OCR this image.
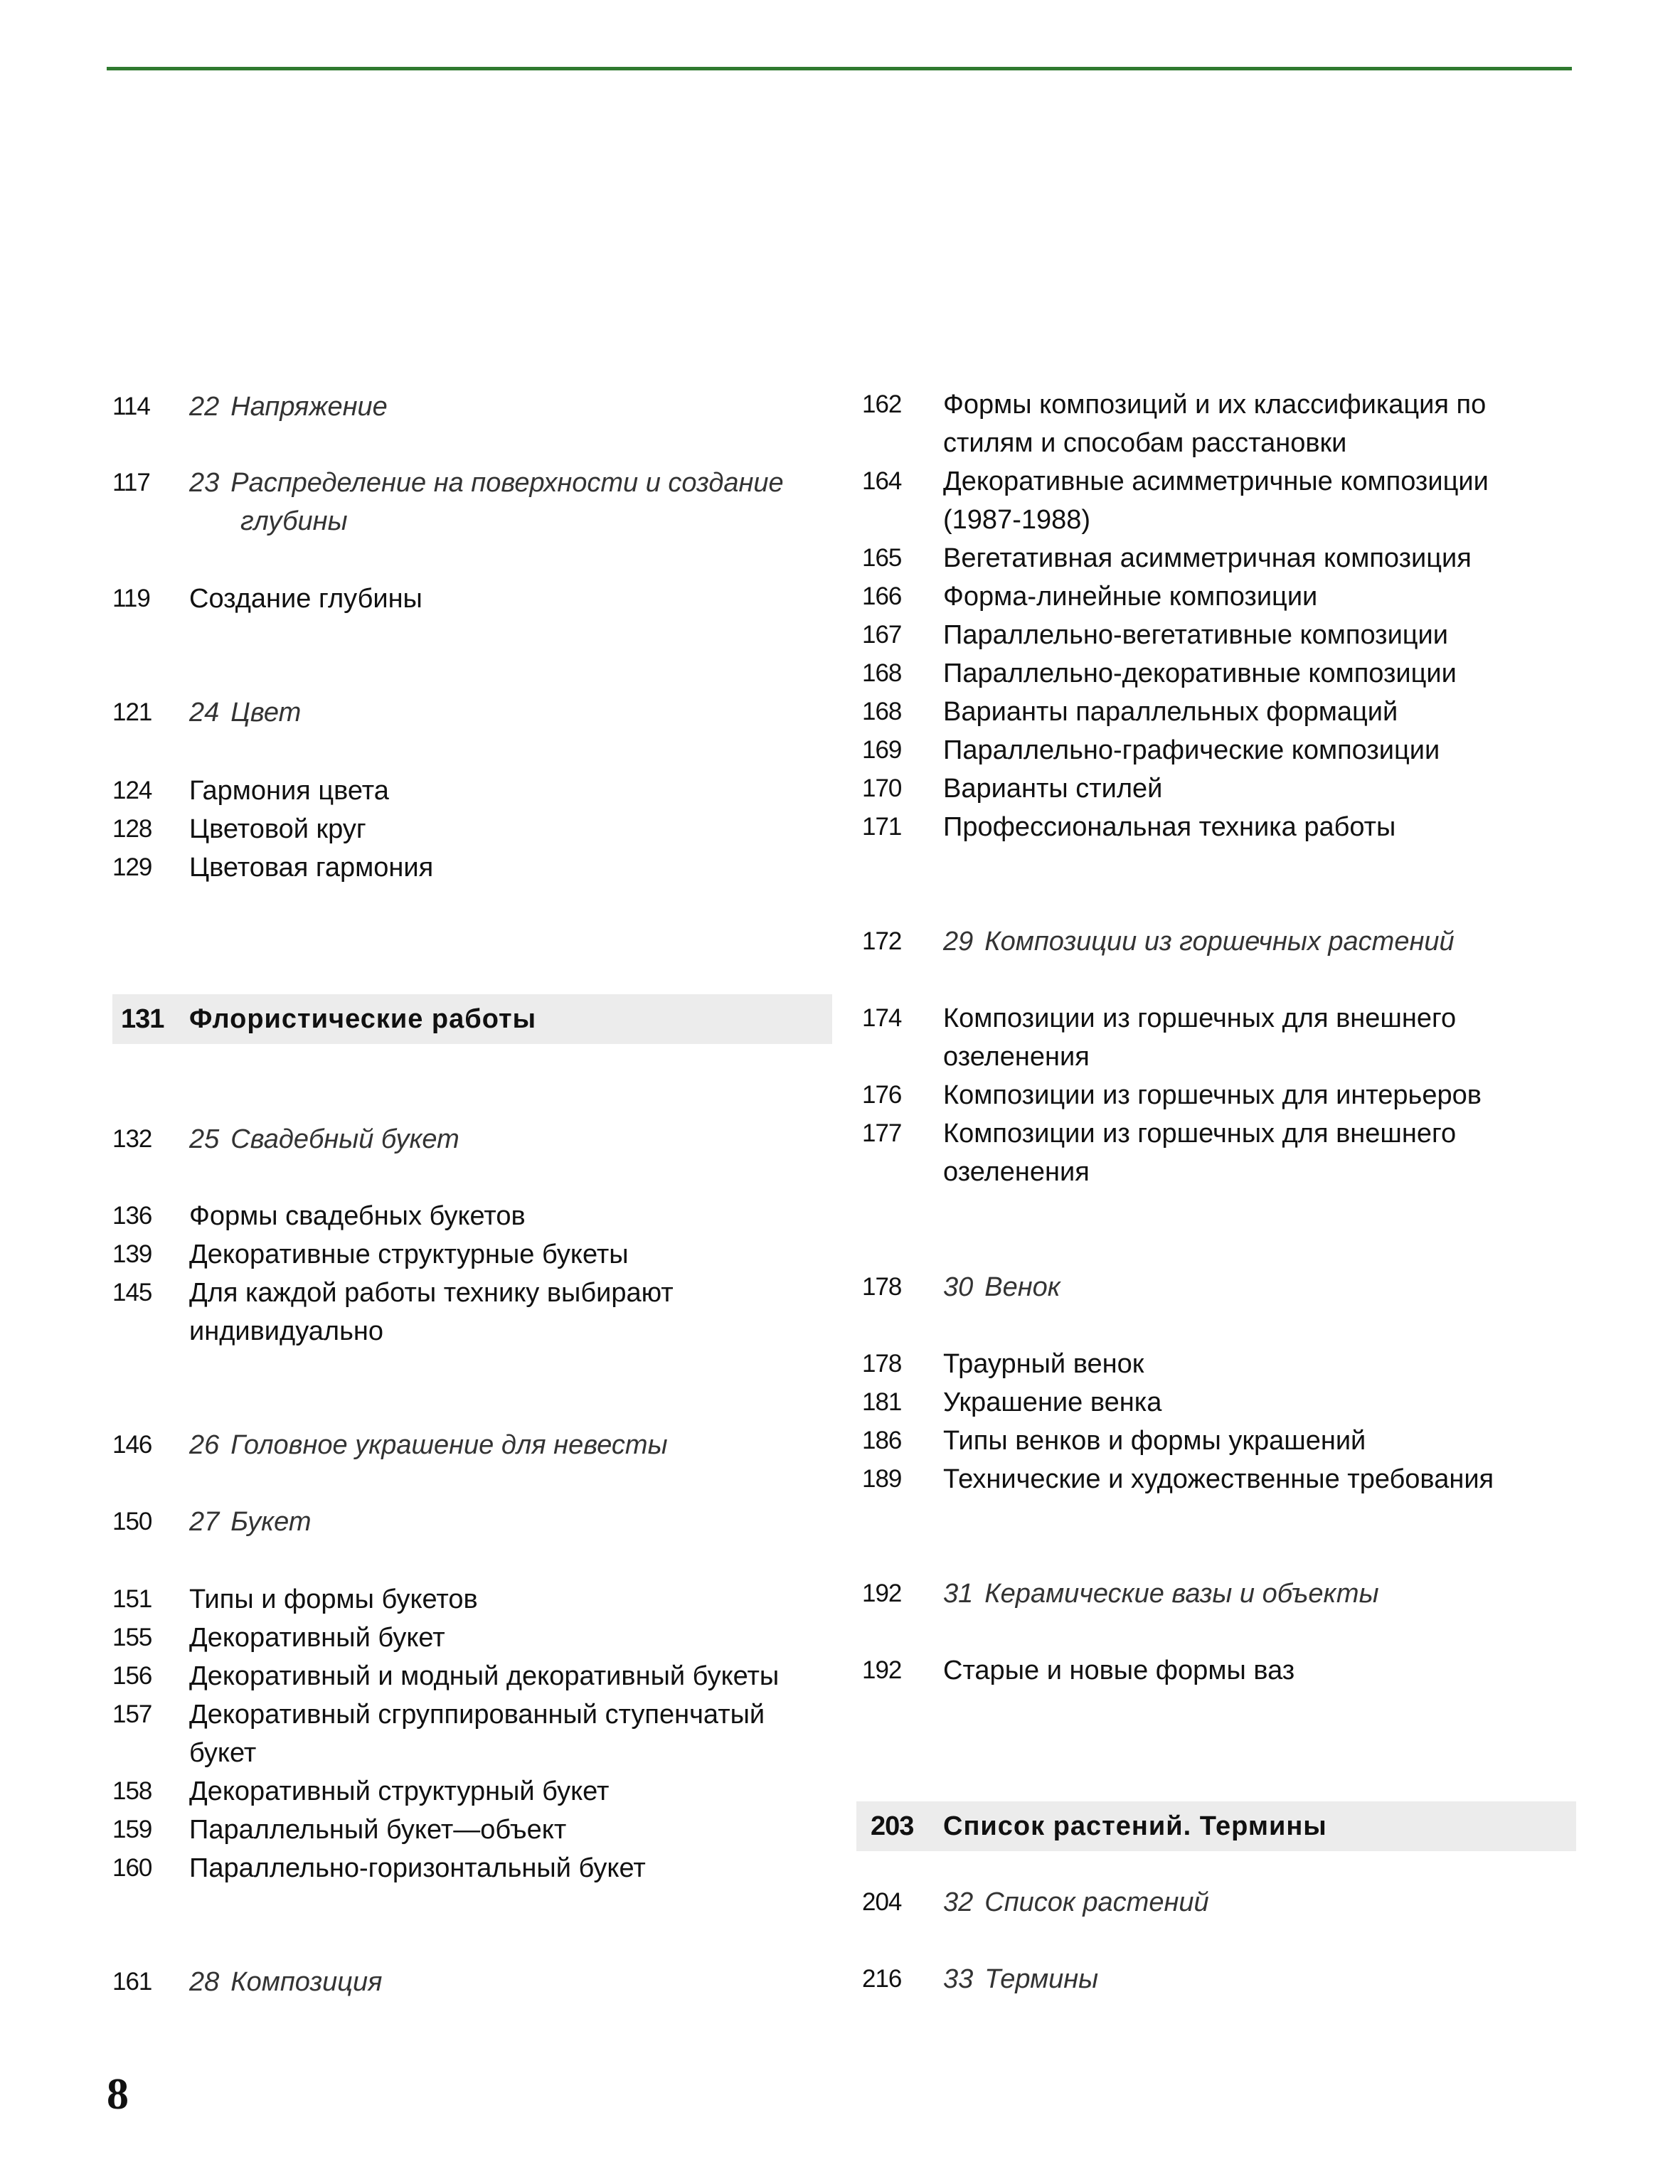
114 22 Напряжение
117 23 Распределение на поверхности и создание
глубины
119 Создание глубины
121 24 Цвет
124 Гармония цвета
128 Цветовой круг
129 Цветовая гармония
131 Флористические работы
132 25 Свадебный букет
136 Формы свадебных букетов
139 Декоративные структурные букеты
145 Для каждой работы технику выбирают
индивидуально
146 26 Головное украшение для невесты
150 27 Букет
151 Типы и формы букетов
155 Декоративный букет
156 Декоративный и модный декоративный букеты
157 Декоративный сгруппированный ступенчатый
букет
158 Декоративный структурный букет
159 Параллельный букет—объект
160 Параллельно-горизонтальный букет
161 28 Композиция
162 Формы композиций и их классификация по
стилям и способам расстановки
164 Декоративные асимметричные композиции
(1987-1988)
165 Вегетативная асимметричная композиция
166 Форма-линейные композиции
167 Параллельно-вегетативные композиции
168 Параллельно-декоративные композиции
168 Варианты параллельных формаций
169 Параллельно-графические композиции
170 Варианты стилей
171 Профессиональная техника работы
172 29 Композиции из горшечных растений
174 Композиции из горшечных для внешнего
озеленения
176 Композиции из горшечных для интерьеров
177 Композиции из горшечных для внешнего
озеленения
178 30 Венок
178 Траурный венок
181 Украшение венка
186 Типы венков и формы украшений
189 Технические и художественные требования
192 31 Керамические вазы и объекты
192 Старые и новые формы ваз
203 Список растений. Термины
204 32 Список растений
216 33 Термины
8
